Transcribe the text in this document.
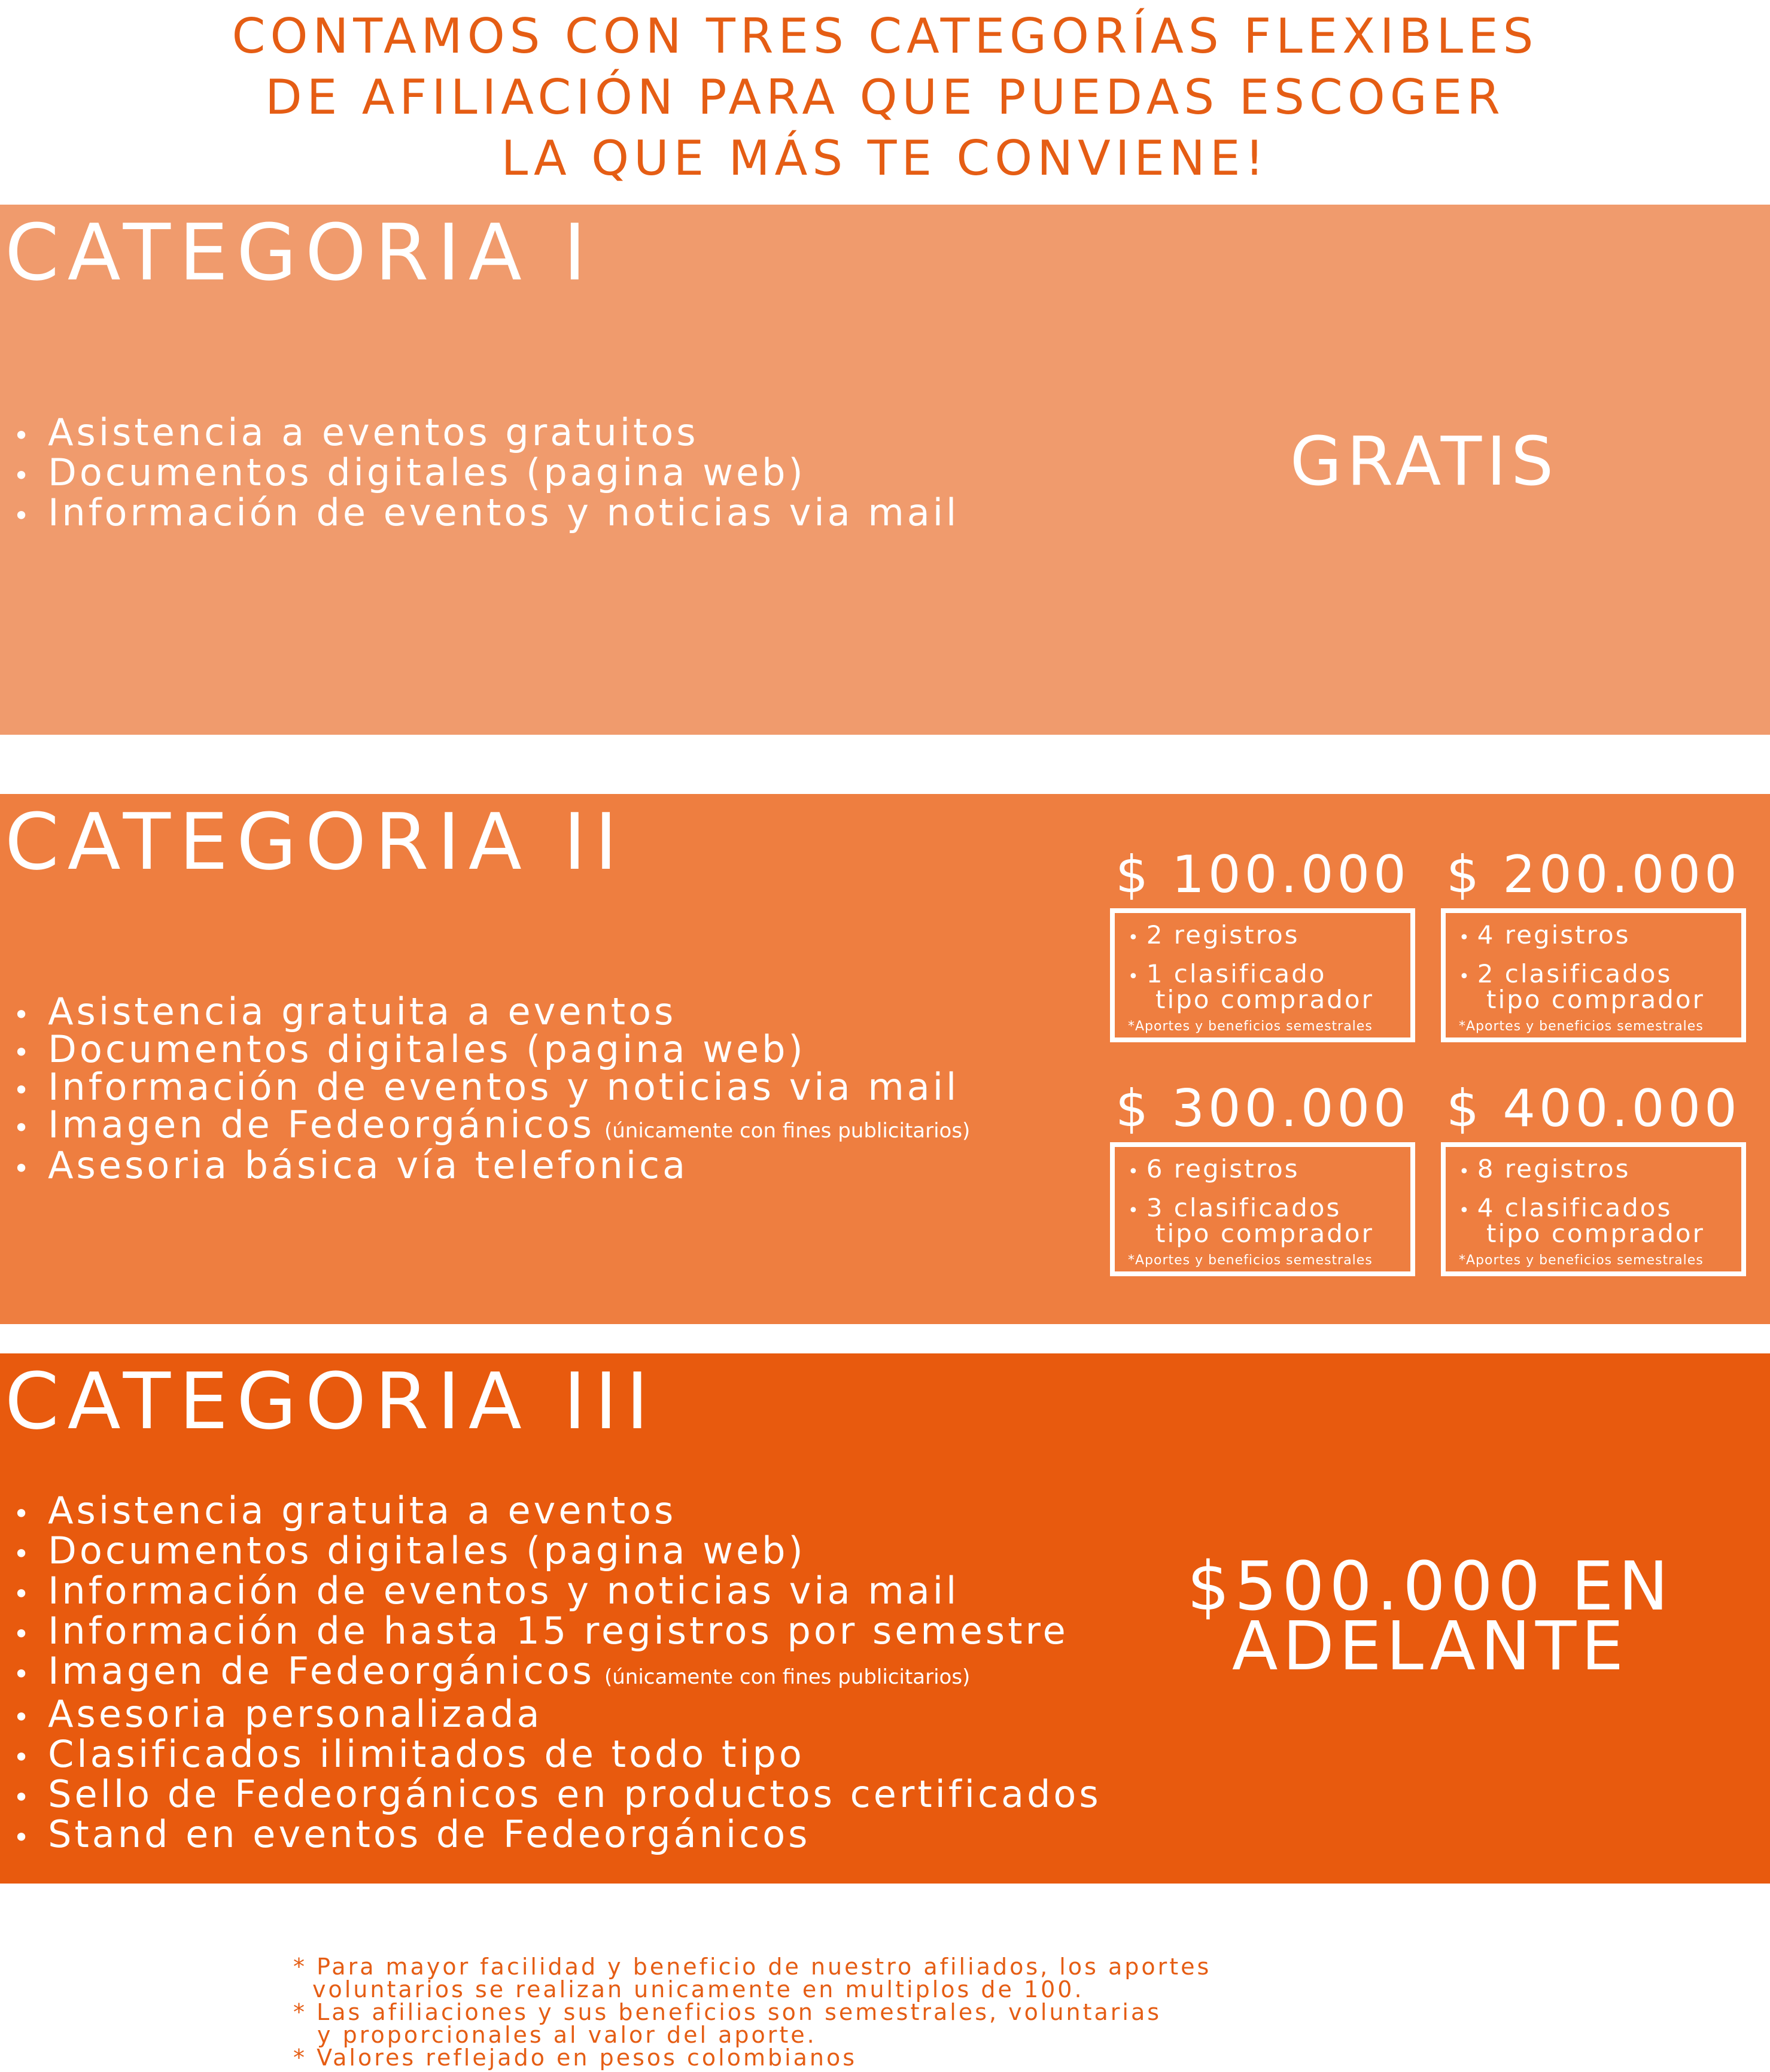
CONTAMOS CON TRES CATEGORÍAS FLEXIBLES
DE AFILIACIÓN PARA QUE PUEDAS ESCOGER
LA QUE MÁS TE CONVIENE!
CATEGORIA I
• Asistencia a eventos gratuitos
• Documentos digitales (pagina web)
• Información de eventos y noticias via mail
GRATIS
CATEGORIA II
• Asistencia gratuita a eventos
• Documentos digitales (pagina web)
• Información de eventos y noticias via mail
• Imagen de Fedeorgánicos (únicamente con fines publicitarios)
• Asesoria básica vía telefonica
$ 100.000
• 2 registros
• 1 clasificado
tipo comprador
*Aportes y beneficios semestrales
$ 200.000
• 4 registros
• 2 clasificados
tipo comprador
*Aportes y beneficios semestrales
$ 300.000
• 6 registros
• 3 clasificados
tipo comprador
*Aportes y beneficios semestrales
$ 400.000
• 8 registros
• 4 clasificados
tipo comprador
*Aportes y beneficios semestrales
CATEGORIA III
• Asistencia gratuita a eventos
• Documentos digitales (pagina web)
• Información de eventos y noticias via mail
• Información de hasta 15 registros por semestre
• Imagen de Fedeorgánicos (únicamente con fines publicitarios)
• Asesoria personalizada
• Clasificados ilimitados de todo tipo
• Sello de Fedeorgánicos en productos certificados
• Stand en eventos de Fedeorgánicos
$500.000 EN
ADELANTE
* Para mayor facilidad y beneficio de nuestro afiliados, los aportes
voluntarios se realizan unicamente en multiplos de 100.
* Las afiliaciones y sus beneficios son semestrales, voluntarias
y proporcionales al valor del aporte.
* Valores reflejado en pesos colombianos
